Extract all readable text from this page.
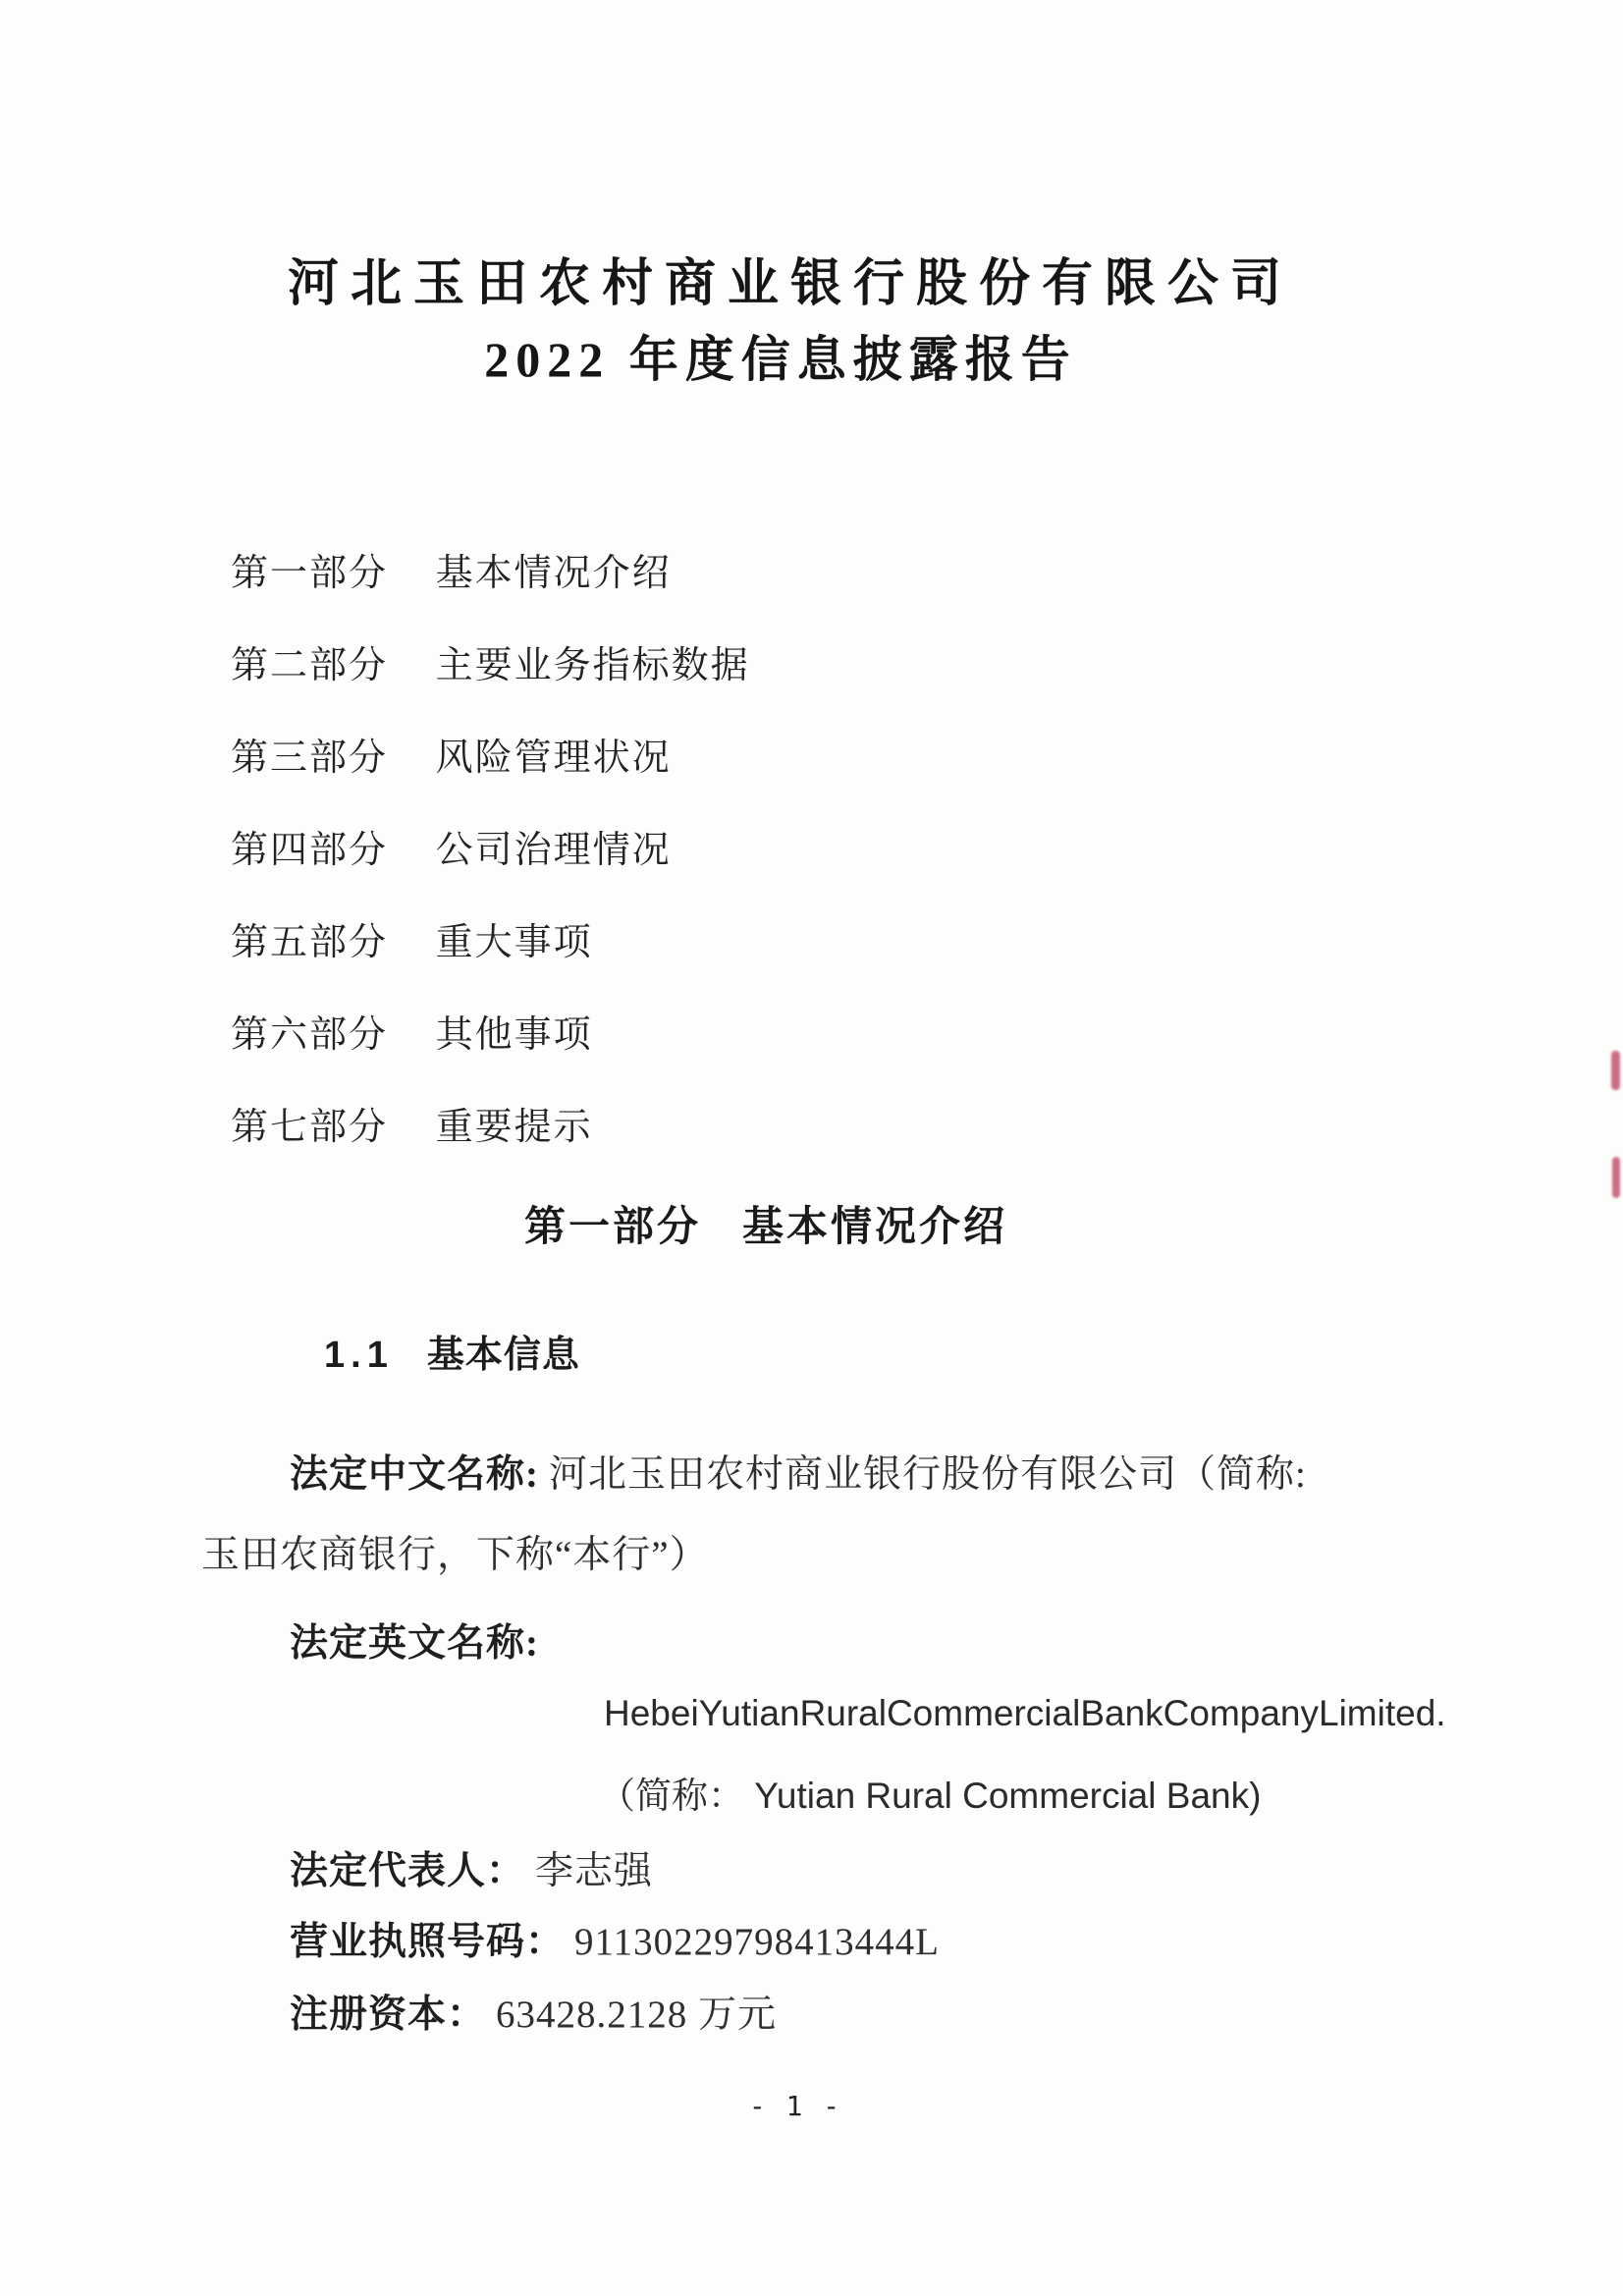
河北玉田农村商业银行股份有限公司
2022 年度信息披露报告
第一部分 基本情况介绍
第二部分 主要业务指标数据
第三部分 风险管理状况
第四部分 公司治理情况
第五部分 重大事项
第六部分 其他事项
第七部分 重要提示
第一部分 基本情况介绍
1.1 基本信息
法定中文名称: 河北玉田农村商业银行股份有限公司（简称:
玉田农商银行，下称“本行”）
法定英文名称:
HebeiYutianRuralCommercialBankCompanyLimited.
（简称： Yutian Rural Commercial Bank)
法定代表人： 李志强
营业执照号码： 91130229798413444L
注册资本： 63428.2128 万元
- 1 -
